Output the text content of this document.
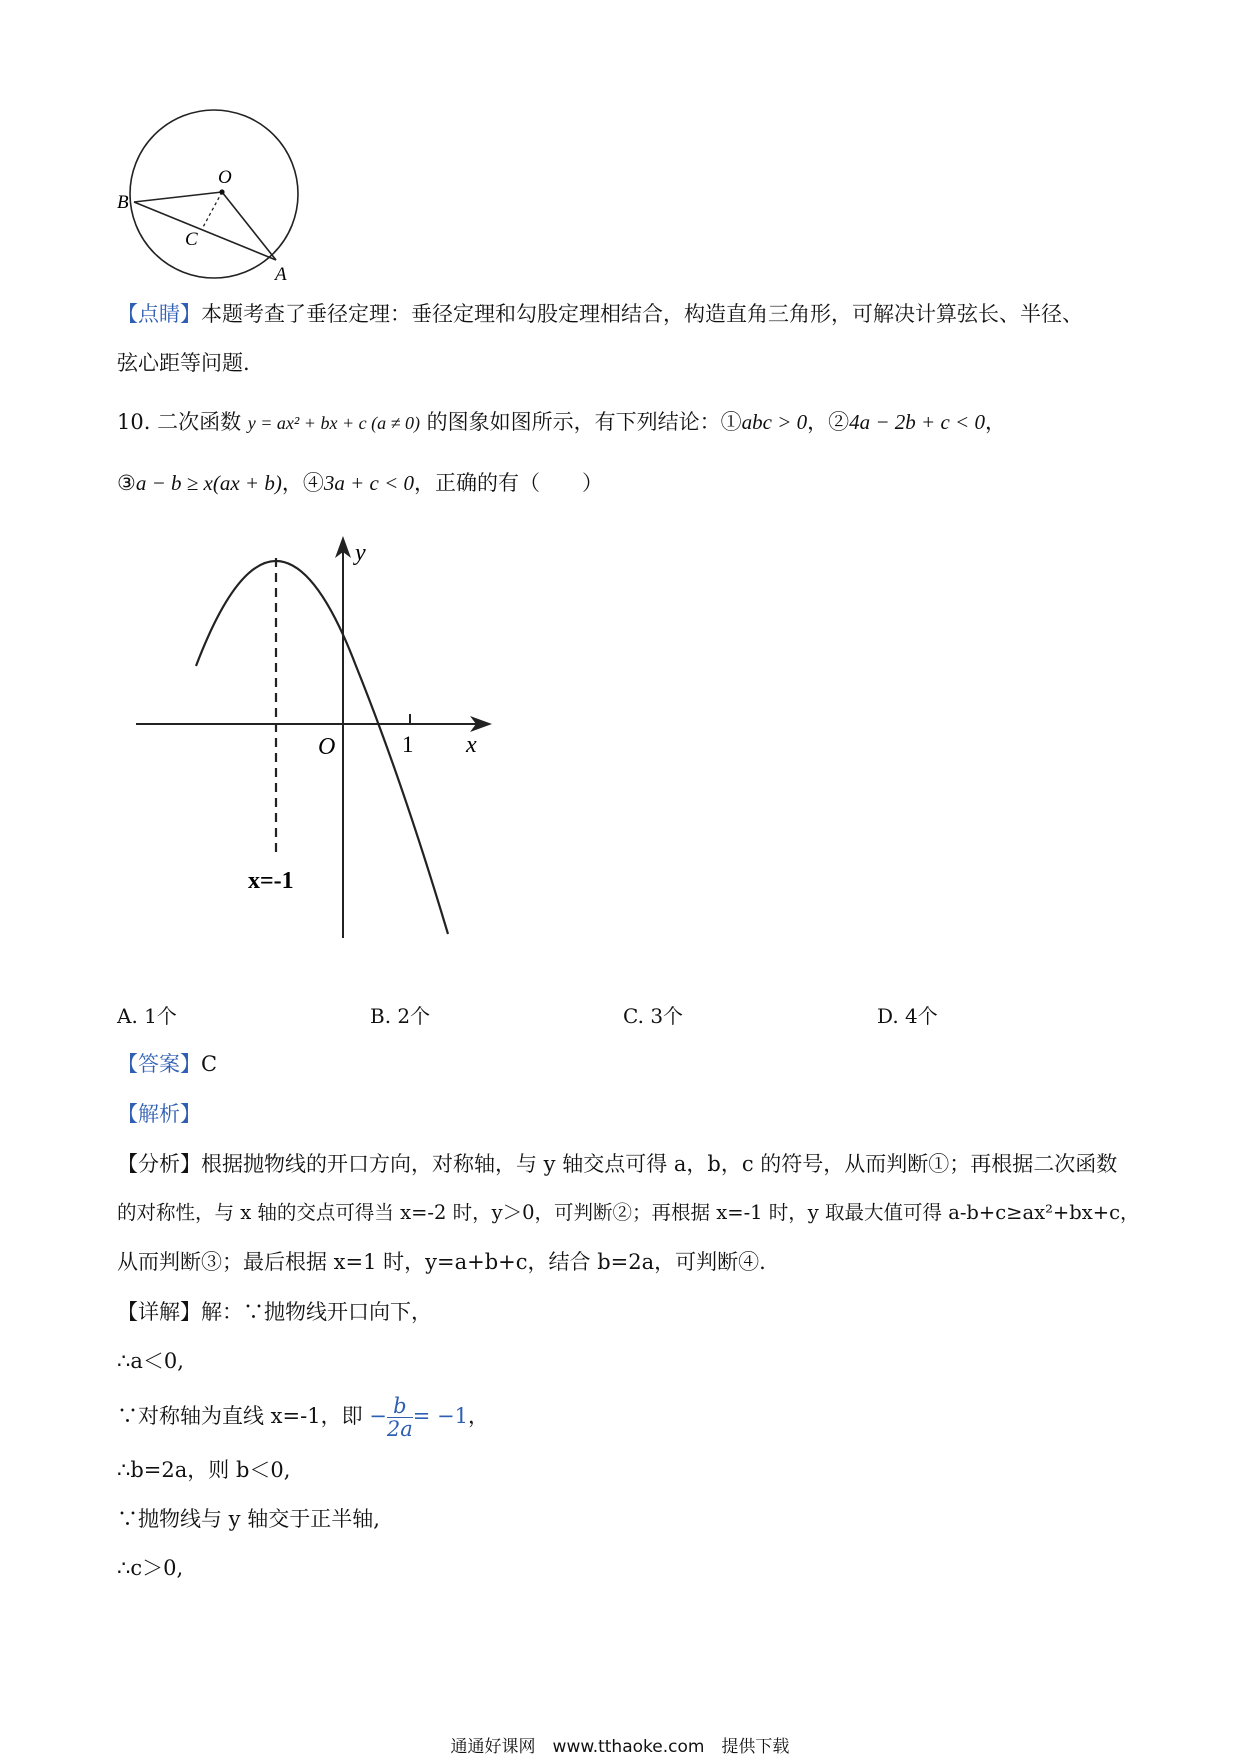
O
B
C
A
【点睛】本题考查了垂径定理：垂径定理和勾股定理相结合，构造直角三角形，可解决计算弦长、半径、
弦心距等问题.
10. 二次函数 y = ax² + bx + c (a ≠ 0) 的图象如图所示，有下列结论：①abc > 0，②4a − 2b + c < 0，
③a − b ≥ x(ax + b)，④3a + c < 0，正确的有（　　）
y
x
O	1
x=-1
A. 1个	B. 2个	C. 3个	D. 4个
【答案】C
【解析】
【分析】根据抛物线的开口方向，对称轴，与 y 轴交点可得 a，b，c 的符号，从而判断①；再根据二次函数
的对称性，与 x 轴的交点可得当 x=-2 时，y＞0，可判断②；再根据 x=-1 时，y 取最大值可得 a-b+c≥ax²+bx+c，
从而判断③；最后根据 x=1 时，y=a+b+c，结合 b=2a，可判断④.
【详解】解：∵抛物线开口向下，
∴a＜0,
∵对称轴为直线 x=-1，即 − $\frac{b}{2a} = -1$，
∴b=2a，则 b＜0,
∵抛物线与 y 轴交于正半轴,
∴c＞0,
通通好课网　www.tthaoke.com　提供下载
